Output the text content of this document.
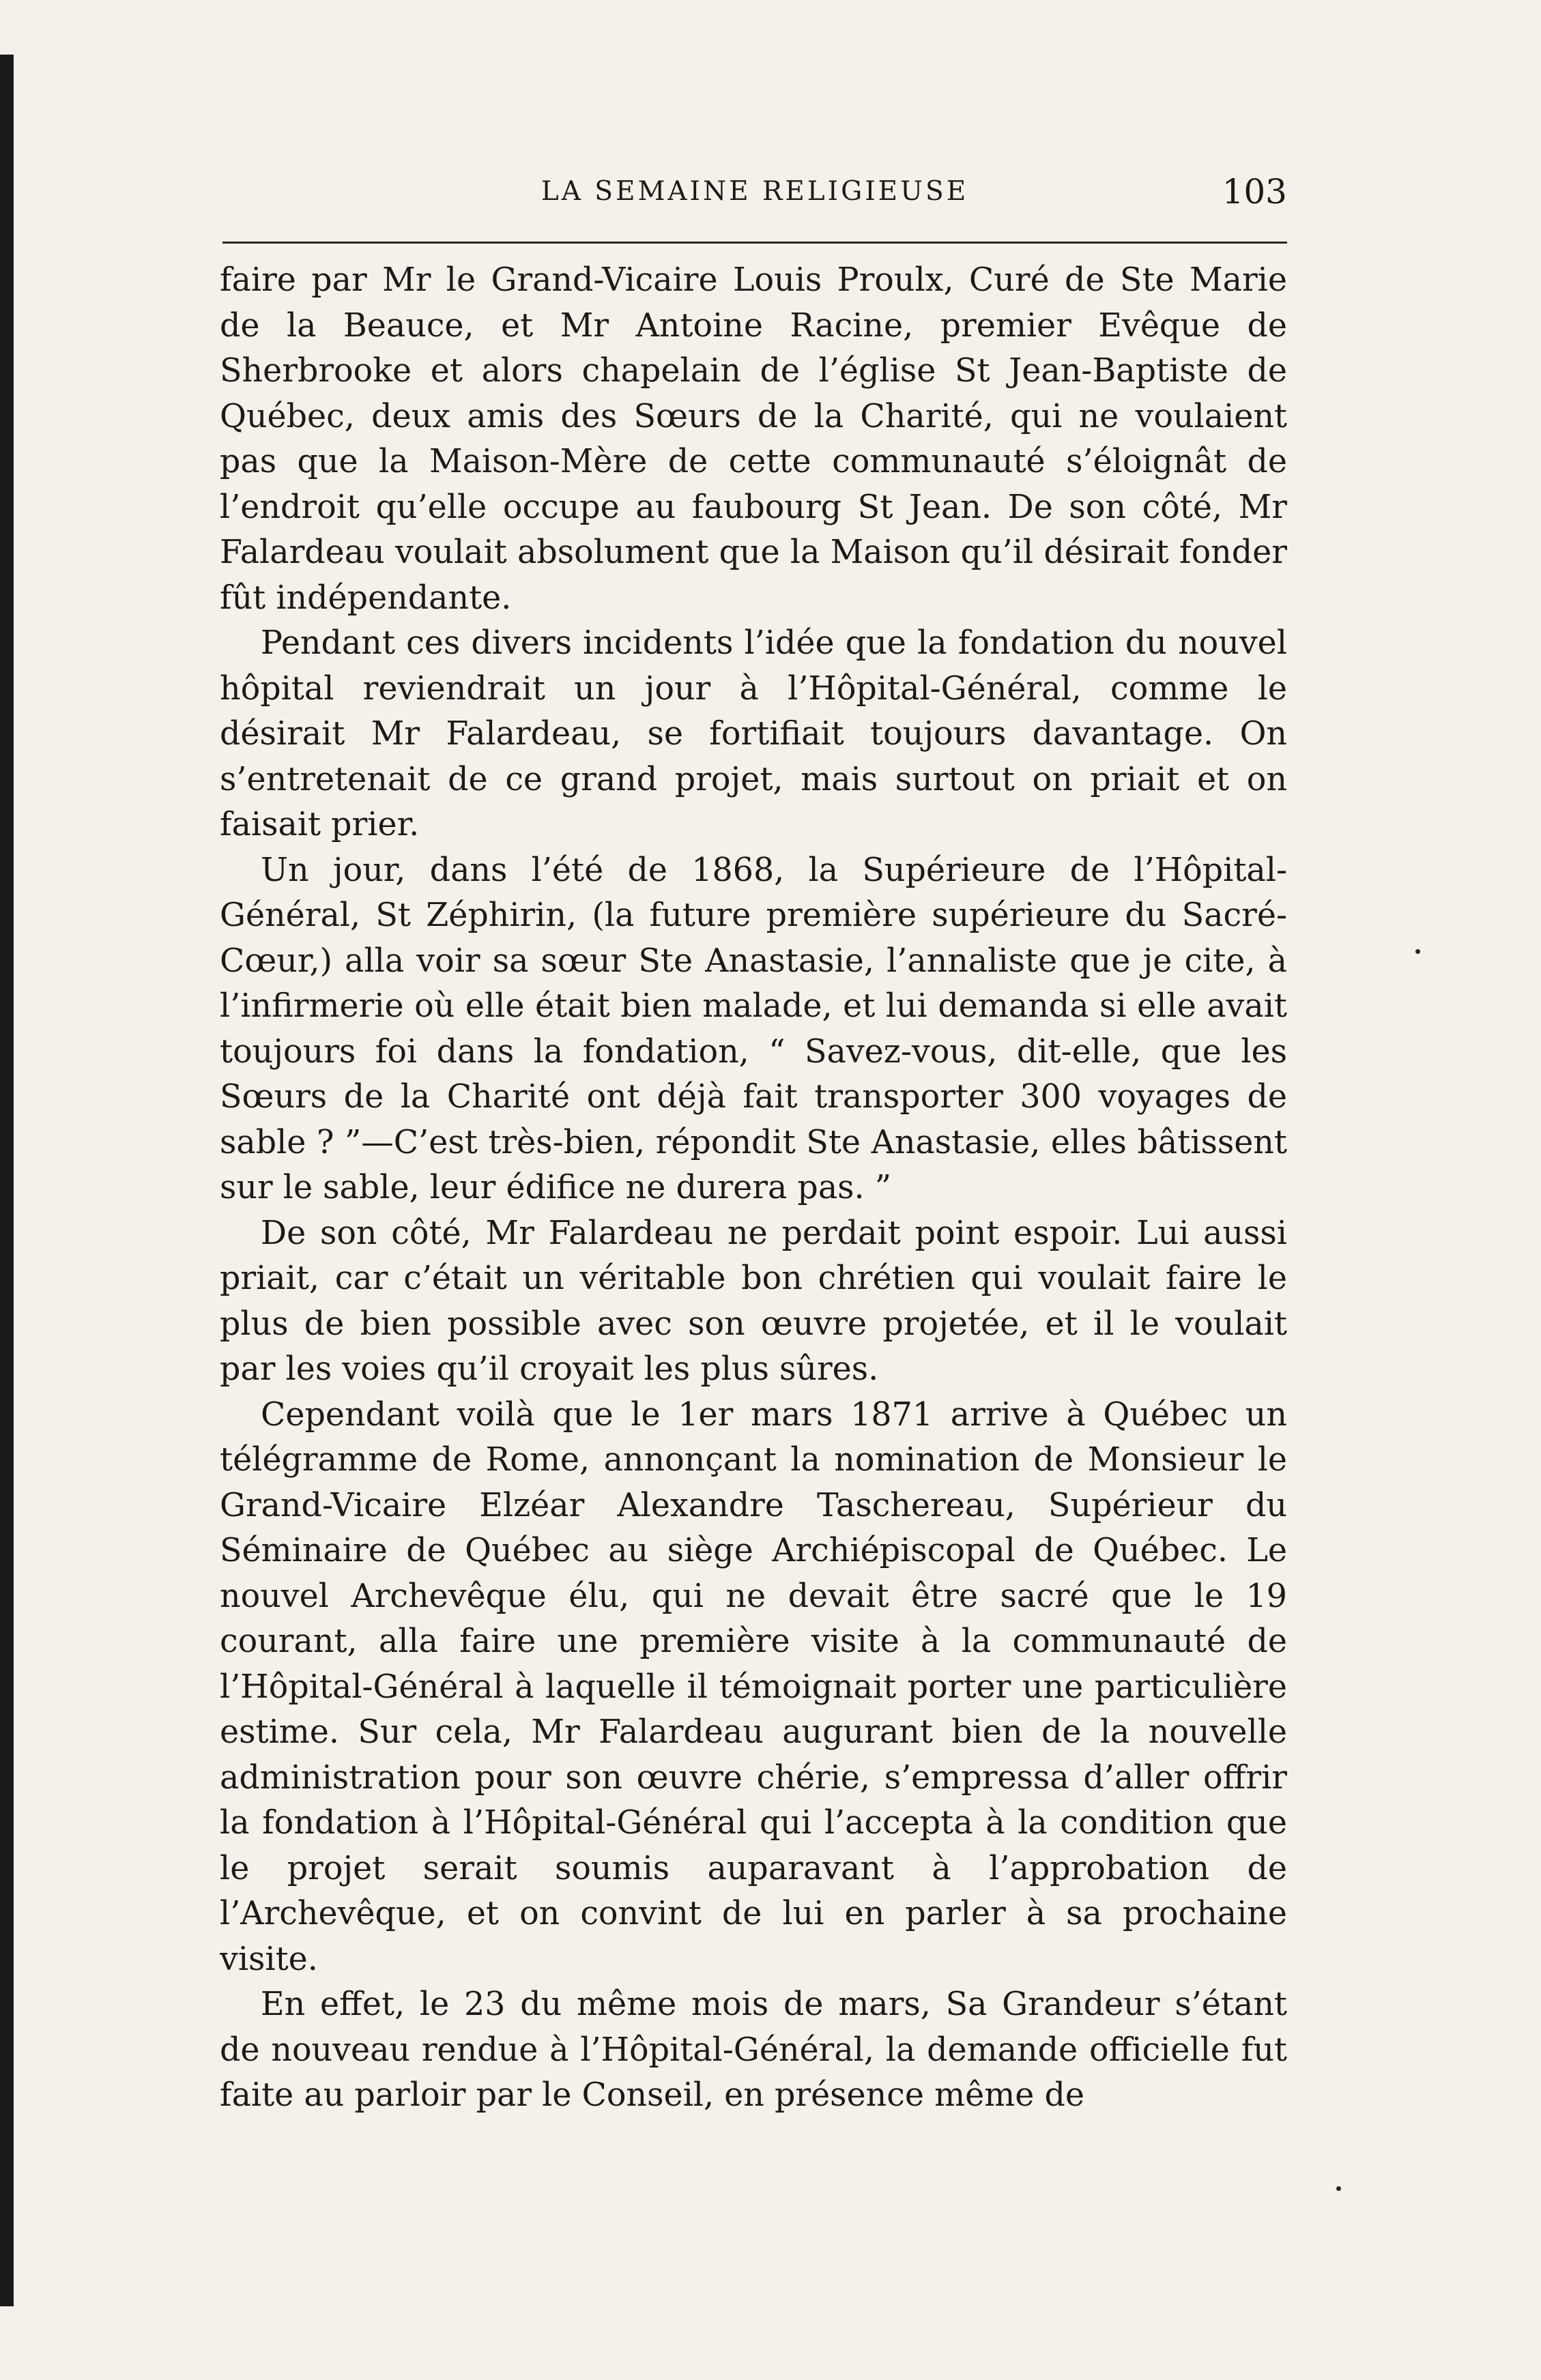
LA SEMAINE RELIGIEUSE	103

faire par Mr le Grand-Vicaire Louis Proulx, Curé de Ste Marie de la Beauce, et Mr Antoine Racine, premier Evêque de Sherbrooke et alors chapelain de l’église St Jean-Baptiste de Québec, deux amis des Sœurs de la Charité, qui ne voulaient pas que la Maison-Mère de cette communauté s’éloignât de l’endroit qu’elle occupe au faubourg St Jean. De son côté, Mr Falardeau voulait absolument que la Maison qu’il désirait fonder fût indépendante.

Pendant ces divers incidents l’idée que la fondation du nouvel hôpital reviendrait un jour à l’Hôpital-Général, comme le désirait Mr Falardeau, se fortifiait toujours davantage. On s’entretenait de ce grand projet, mais surtout on priait et on faisait prier.

Un jour, dans l’été de 1868, la Supérieure de l’Hôpital-Général, St Zéphirin, (la future première supérieure du Sacré-Cœur,) alla voir sa sœur Ste Anastasie, l’annaliste que je cite, à l’infirmerie où elle était bien malade, et lui demanda si elle avait toujours foi dans la fondation, “ Savez-vous, dit-elle, que les Sœurs de la Charité ont déjà fait transporter 300 voyages de sable ? ”—C’est très-bien, répondit Ste Anastasie, elles bâtissent sur le sable, leur édifice ne durera pas. ”

De son côté, Mr Falardeau ne perdait point espoir. Lui aussi priait, car c’était un véritable bon chrétien qui voulait faire le plus de bien possible avec son œuvre projetée, et il le voulait par les voies qu’il croyait les plus sûres.

Cependant voilà que le 1er mars 1871 arrive à Québec un télégramme de Rome, annonçant la nomination de Monsieur le Grand-Vicaire Elzéar Alexandre Taschereau, Supérieur du Séminaire de Québec au siège Archiépiscopal de Québec. Le nouvel Archevêque élu, qui ne devait être sacré que le 19 courant, alla faire une première visite à la communauté de l’Hôpital-Général à laquelle il témoignait porter une particulière estime. Sur cela, Mr Falardeau augurant bien de la nouvelle administration pour son œuvre chérie, s’empressa d’aller offrir la fondation à l’Hôpital-Général qui l’accepta à la condition que le projet serait soumis auparavant à l’approbation de l’Archevêque, et on convint de lui en parler à sa prochaine visite.

En effet, le 23 du même mois de mars, Sa Grandeur s’étant de nouveau rendue à l’Hôpital-Général, la demande officielle fut faite au parloir par le Conseil, en présence même de
